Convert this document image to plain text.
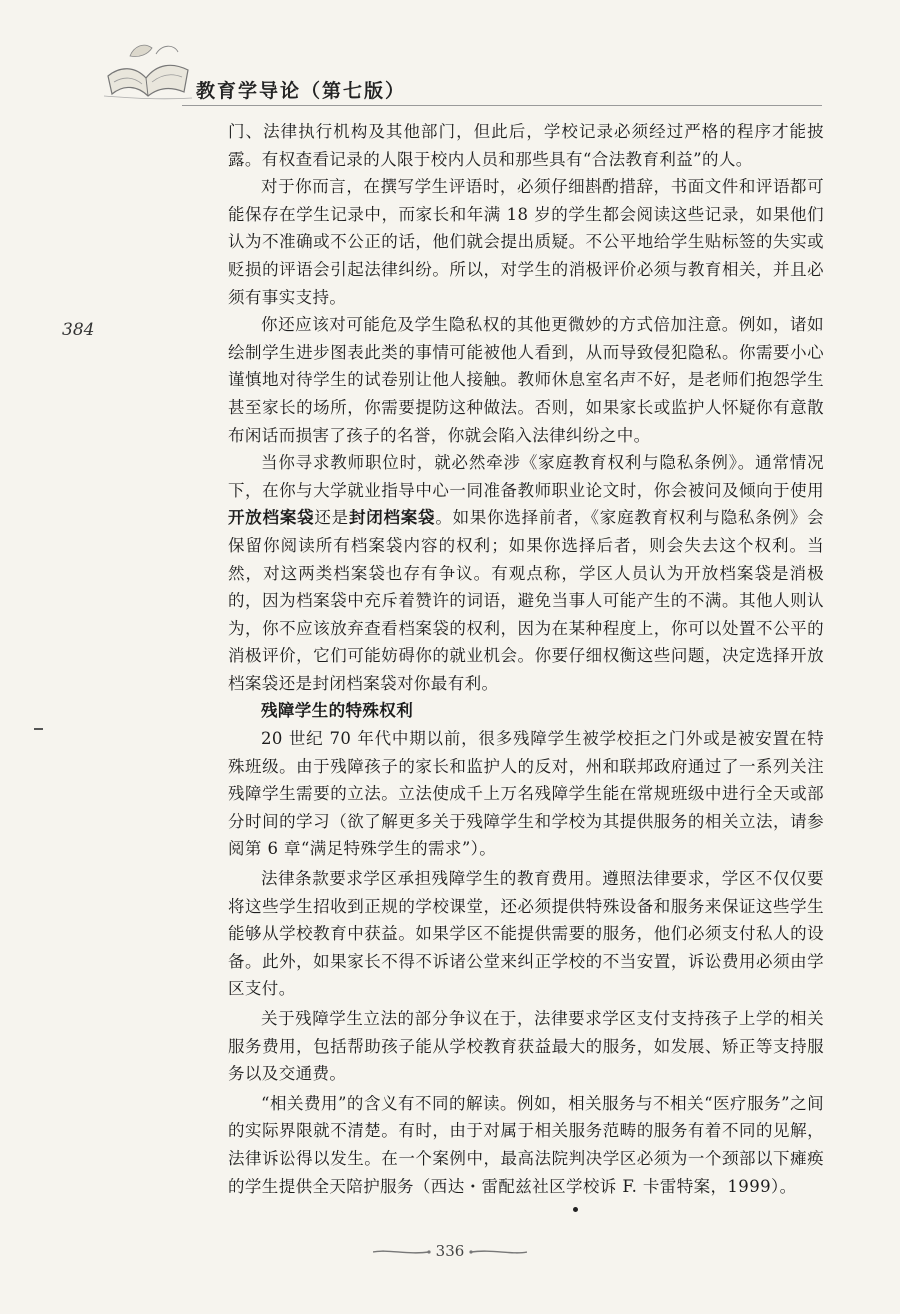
教育学导论（第七版）
384

门、法律执行机构及其他部门，但此后，学校记录必须经过严格的程序才能披露。有权查看记录的人限于校内人员和那些具有“合法教育利益”的人。

对于你而言，在撰写学生评语时，必须仔细斟酌措辞，书面文件和评语都可能保存在学生记录中，而家长和年满 18 岁的学生都会阅读这些记录，如果他们认为不准确或不公正的话，他们就会提出质疑。不公平地给学生贴标签的失实或贬损的评语会引起法律纠纷。所以，对学生的消极评价必须与教育相关，并且必须有事实支持。

你还应该对可能危及学生隐私权的其他更微妙的方式倍加注意。例如，诸如绘制学生进步图表此类的事情可能被他人看到，从而导致侵犯隐私。你需要小心谨慎地对待学生的试卷别让他人接触。教师休息室名声不好，是老师们抱怨学生甚至家长的场所，你需要提防这种做法。否则，如果家长或监护人怀疑你有意散布闲话而损害了孩子的名誉，你就会陷入法律纠纷之中。

当你寻求教师职位时，就必然牵涉《家庭教育权利与隐私条例》。通常情况下，在你与大学就业指导中心一同准备教师职业论文时，你会被问及倾向于使用开放档案袋还是封闭档案袋。如果你选择前者，《家庭教育权利与隐私条例》会保留你阅读所有档案袋内容的权利；如果你选择后者，则会失去这个权利。当然，对这两类档案袋也存有争议。有观点称，学区人员认为开放档案袋是消极的，因为档案袋中充斥着赞许的词语，避免当事人可能产生的不满。其他人则认为，你不应该放弃查看档案袋的权利，因为在某种程度上，你可以处置不公平的消极评价，它们可能妨碍你的就业机会。你要仔细权衡这些问题，决定选择开放档案袋还是封闭档案袋对你最有利。

残障学生的特殊权利

20 世纪 70 年代中期以前，很多残障学生被学校拒之门外或是被安置在特殊班级。由于残障孩子的家长和监护人的反对，州和联邦政府通过了一系列关注残障学生需要的立法。立法使成千上万名残障学生能在常规班级中进行全天或部分时间的学习（欲了解更多关于残障学生和学校为其提供服务的相关立法，请参阅第 6 章“满足特殊学生的需求”）。

法律条款要求学区承担残障学生的教育费用。遵照法律要求，学区不仅仅要将这些学生招收到正规的学校课堂，还必须提供特殊设备和服务来保证这些学生能够从学校教育中获益。如果学区不能提供需要的服务，他们必须支付私人的设备。此外，如果家长不得不诉诸公堂来纠正学校的不当安置，诉讼费用必须由学区支付。

关于残障学生立法的部分争议在于，法律要求学区支付支持孩子上学的相关服务费用，包括帮助孩子能从学校教育获益最大的服务，如发展、矫正等支持服务以及交通费。

“相关费用”的含义有不同的解读。例如，相关服务与不相关“医疗服务”之间的实际界限就不清楚。有时，由于对属于相关服务范畴的服务有着不同的见解，法律诉讼得以发生。在一个案例中，最高法院判决学区必须为一个颈部以下瘫痪的学生提供全天陪护服务（西达・雷配兹社区学校诉 F. 卡雷特案，1999）。

336
